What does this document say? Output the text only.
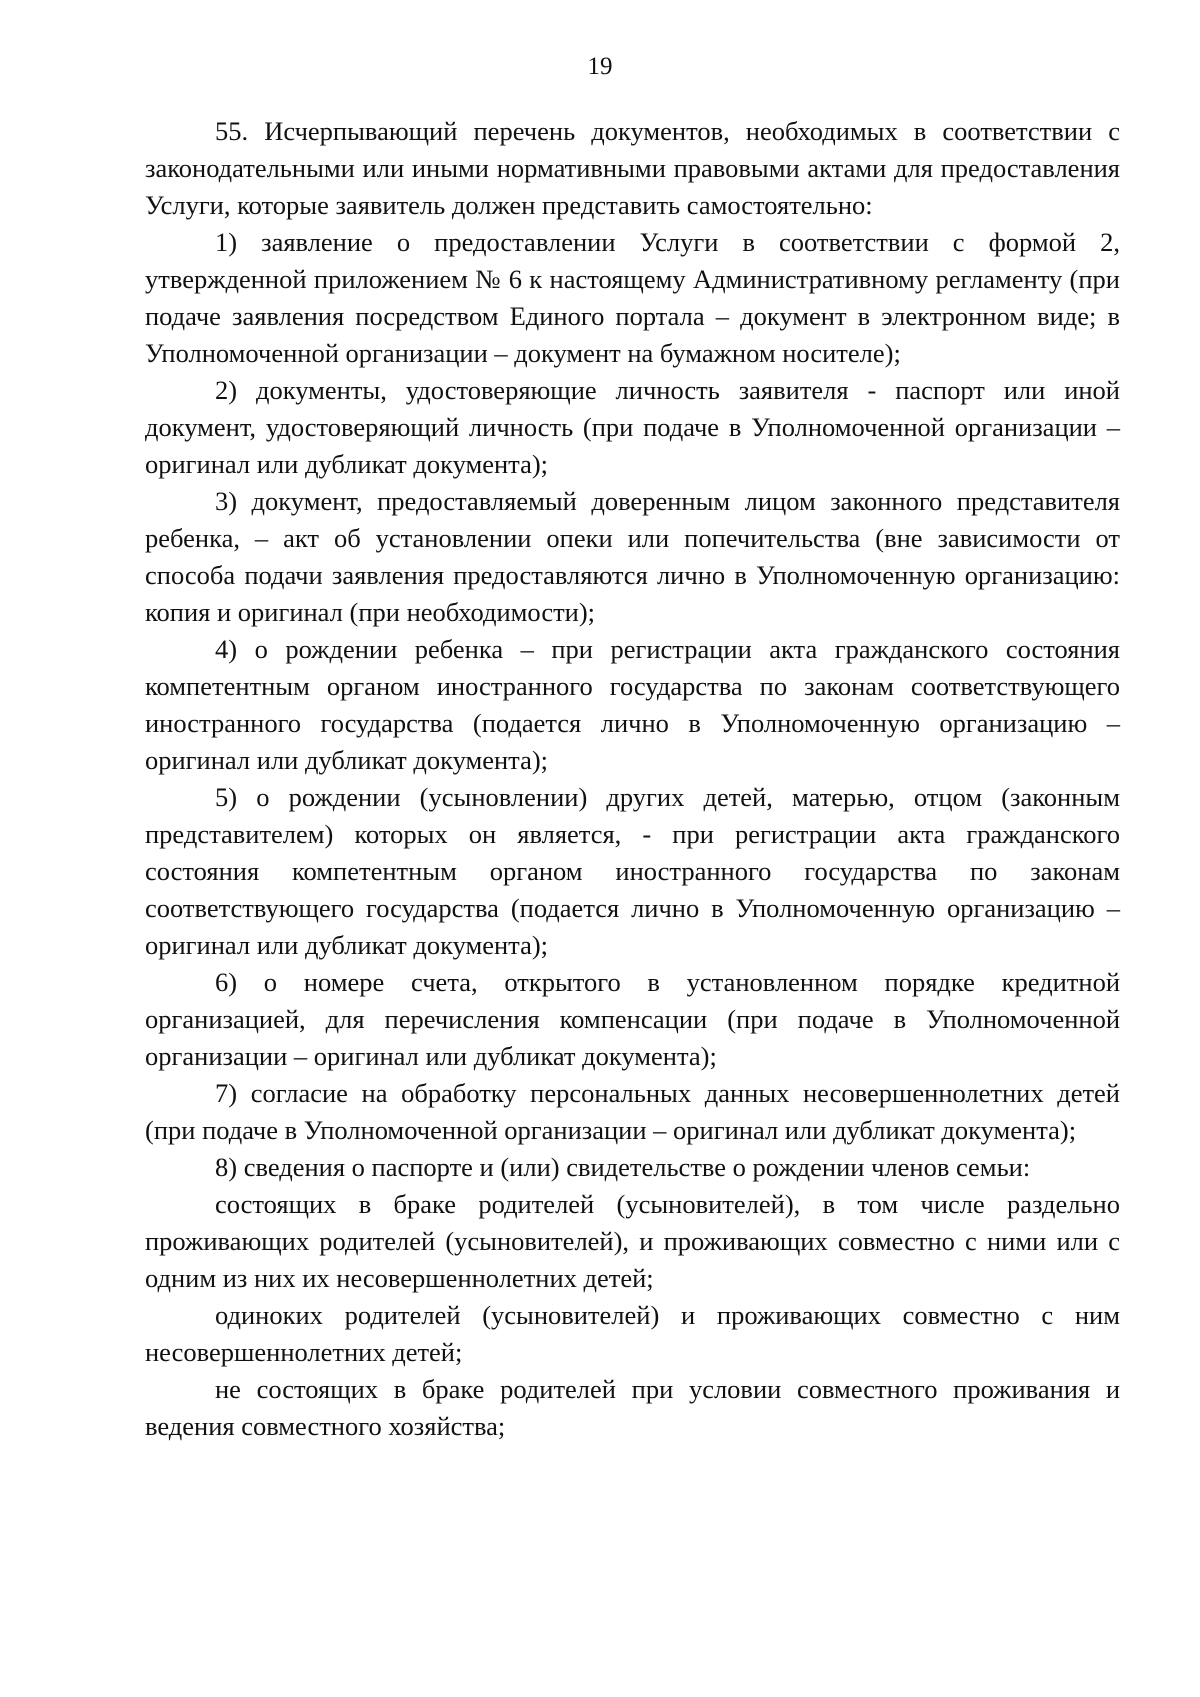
19

55. Исчерпывающий перечень документов, необходимых в соответствии с законодательными или иными нормативными правовыми актами для предоставления Услуги, которые заявитель должен представить самостоятельно:

1) заявление о предоставлении Услуги в соответствии с формой 2, утвержденной приложением № 6 к настоящему Административному регламенту (при подаче заявления посредством Единого портала – документ в электронном виде; в Уполномоченной организации – документ на бумажном носителе);

2) документы, удостоверяющие личность заявителя - паспорт или иной документ, удостоверяющий личность (при подаче в Уполномоченной организации – оригинал или дубликат документа);

3) документ, предоставляемый доверенным лицом законного представителя ребенка, – акт об установлении опеки или попечительства (вне зависимости от способа подачи заявления предоставляются лично в Уполномоченную организацию: копия и оригинал (при необходимости);

4) о рождении ребенка – при регистрации акта гражданского состояния компетентным органом иностранного государства по законам соответствующего иностранного государства (подается лично в Уполномоченную организацию – оригинал или дубликат документа);

5) о рождении (усыновлении) других детей, матерью, отцом (законным представителем) которых он является, - при регистрации акта гражданского состояния компетентным органом иностранного государства по законам соответствующего государства (подается лично в Уполномоченную организацию – оригинал или дубликат документа);

6) о номере счета, открытого в установленном порядке кредитной организацией, для перечисления компенсации (при подаче в Уполномоченной организации – оригинал или дубликат документа);

7) согласие на обработку персональных данных несовершеннолетних детей (при подаче в Уполномоченной организации – оригинал или дубликат документа);

8) сведения о паспорте и (или) свидетельстве о рождении членов семьи:

состоящих в браке родителей (усыновителей), в том числе раздельно проживающих родителей (усыновителей), и проживающих совместно с ними или с одним из них их несовершеннолетних детей;

одиноких родителей (усыновителей) и проживающих совместно с ним несовершеннолетних детей;

не состоящих в браке родителей при условии совместного проживания и ведения совместного хозяйства;
